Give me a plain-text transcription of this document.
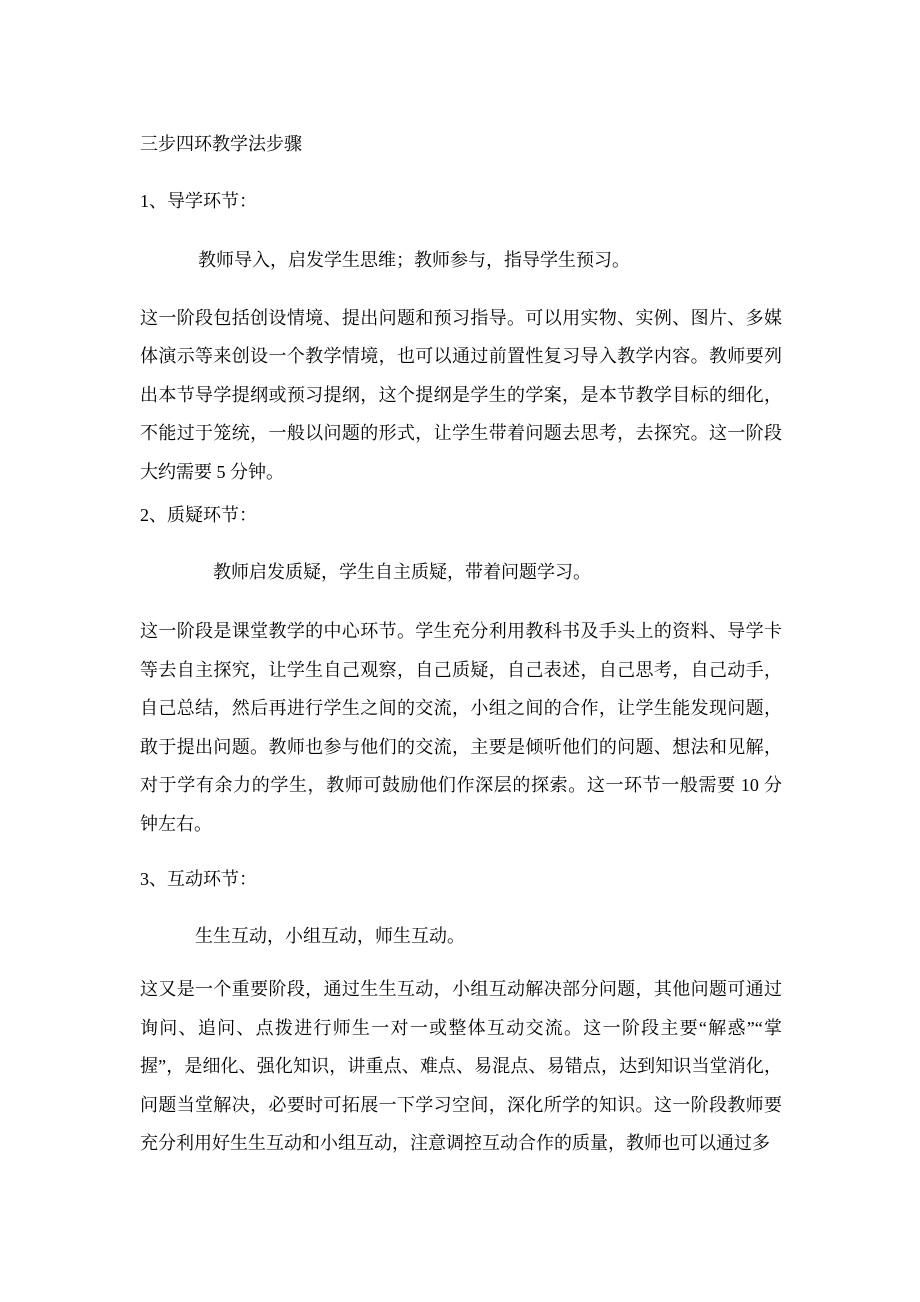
三步四环教学法步骤
1、导学环节：
教师导入，启发学生思维；教师参与，指导学生预习。
这一阶段包括创设情境、提出问题和预习指导。可以用实物、实例、图片、多媒
体演示等来创设一个教学情境，也可以通过前置性复习导入教学内容。教师要列
出本节导学提纲或预习提纲，这个提纲是学生的学案，是本节教学目标的细化，
不能过于笼统，一般以问题的形式，让学生带着问题去思考，去探究。这一阶段
大约需要 5 分钟。
2、质疑环节：
教师启发质疑，学生自主质疑，带着问题学习。
这一阶段是课堂教学的中心环节。学生充分利用教科书及手头上的资料、导学卡
等去自主探究，让学生自己观察，自己质疑，自己表述，自己思考，自己动手，
自己总结，然后再进行学生之间的交流，小组之间的合作，让学生能发现问题，
敢于提出问题。教师也参与他们的交流，主要是倾听他们的问题、想法和见解，
对于学有余力的学生，教师可鼓励他们作深层的探索。这一环节一般需要 10 分
钟左右。
3、互动环节：
生生互动，小组互动，师生互动。
这又是一个重要阶段，通过生生互动，小组互动解决部分问题，其他问题可通过
询问、追问、点拨进行师生一对一或整体互动交流。这一阶段主要“解惑”“掌
握”，是细化、强化知识，讲重点、难点、易混点、易错点，达到知识当堂消化，
问题当堂解决，必要时可拓展一下学习空间，深化所学的知识。这一阶段教师要
充分利用好生生互动和小组互动，注意调控互动合作的质量，教师也可以通过多
